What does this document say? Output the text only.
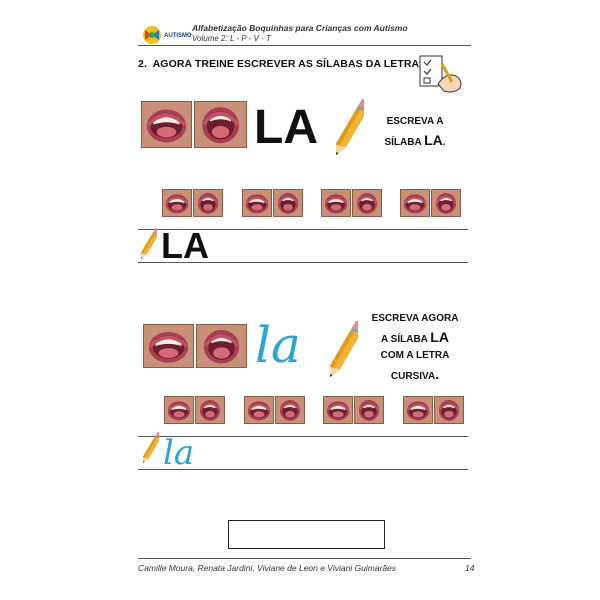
AUTISMO
Alfabetização Boquinhas para Crianças com Autismo
Volume 2: L - P - V - T
2. AGORA TREINE ESCREVER AS SÍLABAS DA LETRA
LA	ESCREVA A
SÍLABA LA.
LA
la	ESCREVA AGORA
A SÍLABA LA
COM A LETRA
CURSIVA.
la
Camille Moura, Renata Jardini, Viviane de Leon e Viviani Guimarães	14
